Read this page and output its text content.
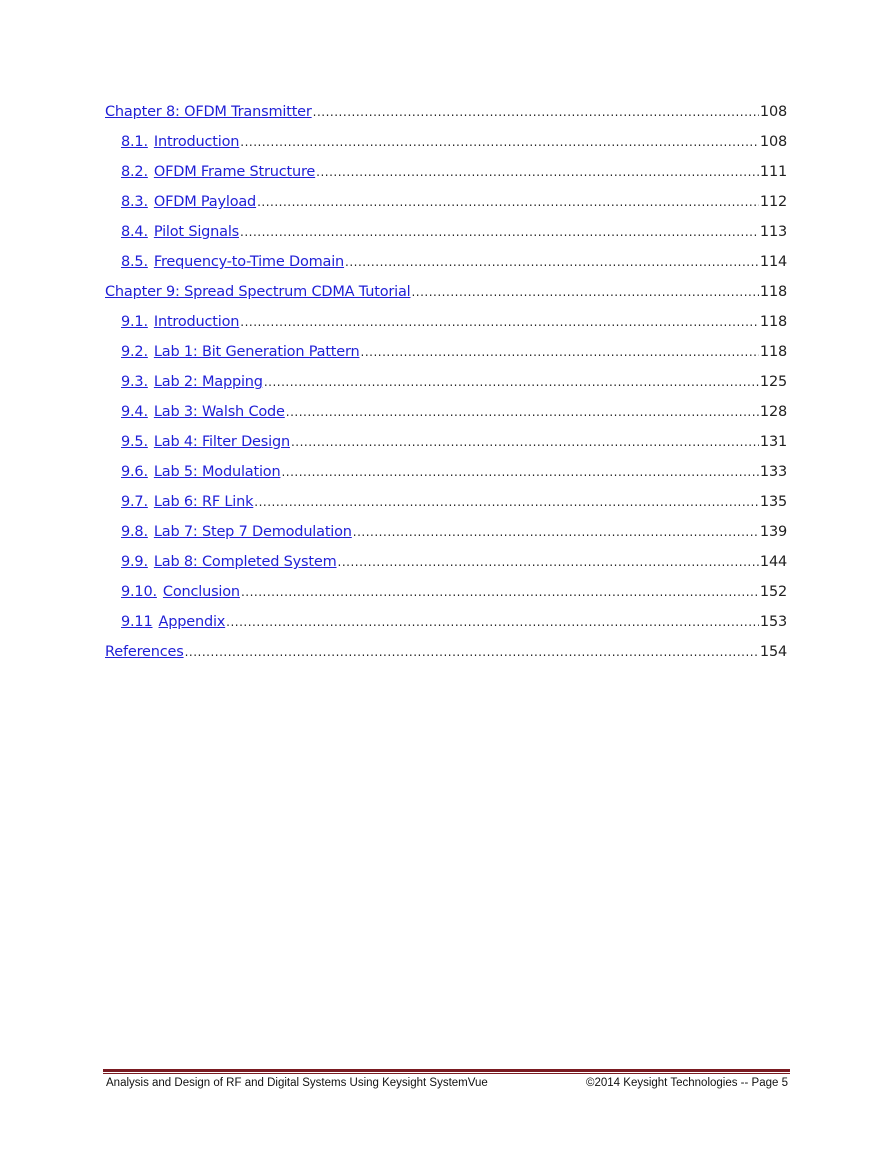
Chapter 8: OFDM Transmitter .....	108
8.1. Introduction .....	108
8.2. OFDM Frame Structure .....	111
8.3. OFDM Payload .....	112
8.4. Pilot Signals .....	113
8.5. Frequency-to-Time Domain .....	114
Chapter 9: Spread Spectrum CDMA Tutorial .....	118
9.1. Introduction .....	118
9.2. Lab 1: Bit Generation Pattern .....	118
9.3. Lab 2: Mapping .....	125
9.4. Lab 3: Walsh Code .....	128
9.5. Lab 4: Filter Design .....	131
9.6. Lab 5: Modulation .....	133
9.7. Lab 6: RF Link .....	135
9.8. Lab 7: Step 7 Demodulation .....	139
9.9. Lab 8: Completed System .....	144
9.10. Conclusion .....	152
9.11 Appendix .....	153
References .....	154
Analysis and Design of RF and Digital Systems Using Keysight SystemVue	©2014 Keysight Technologies -- Page 5
